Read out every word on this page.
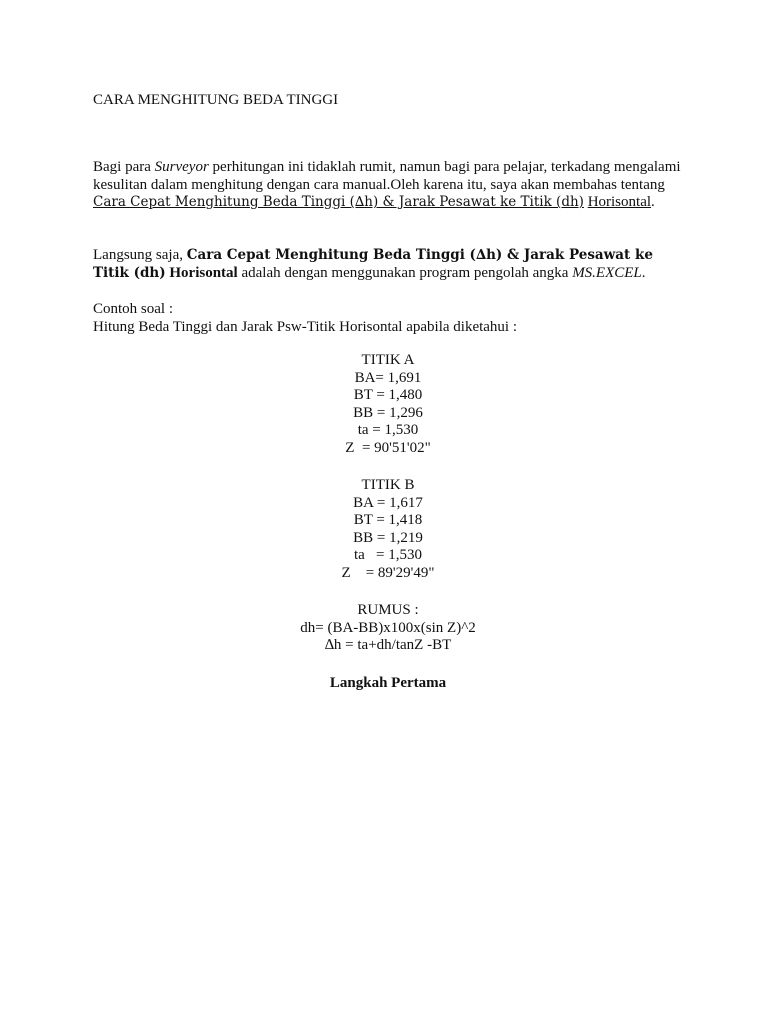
CARA MENGHITUNG BEDA TINGGI
Bagi para Surveyor perhitungan ini tidaklah rumit, namun bagi para pelajar, terkadang mengalami kesulitan dalam menghitung dengan cara manual.Oleh karena itu, saya akan membahas tentang Cara Cepat Menghitung Beda Tinggi (∆h) & Jarak Pesawat ke Titik (dh) Horisontal.
Langsung saja, Cara Cepat Menghitung Beda Tinggi (∆h) & Jarak Pesawat ke Titik (dh) Horisontal adalah dengan menggunakan program pengolah angka MS.EXCEL.
Contoh soal :
Hitung Beda Tinggi dan Jarak Psw-Titik Horisontal apabila diketahui :
TITIK A
BA= 1,691
BT = 1,480
BB = 1,296
ta = 1,530
Z  = 90'51'02"
TITIK B
BA = 1,617
BT = 1,418
BB = 1,219
ta   = 1,530
Z    = 89'29'49"
RUMUS :
dh= (BA-BB)x100x(sin Z)^2
∆h = ta+dh/tanZ -BT
Langkah Pertama
